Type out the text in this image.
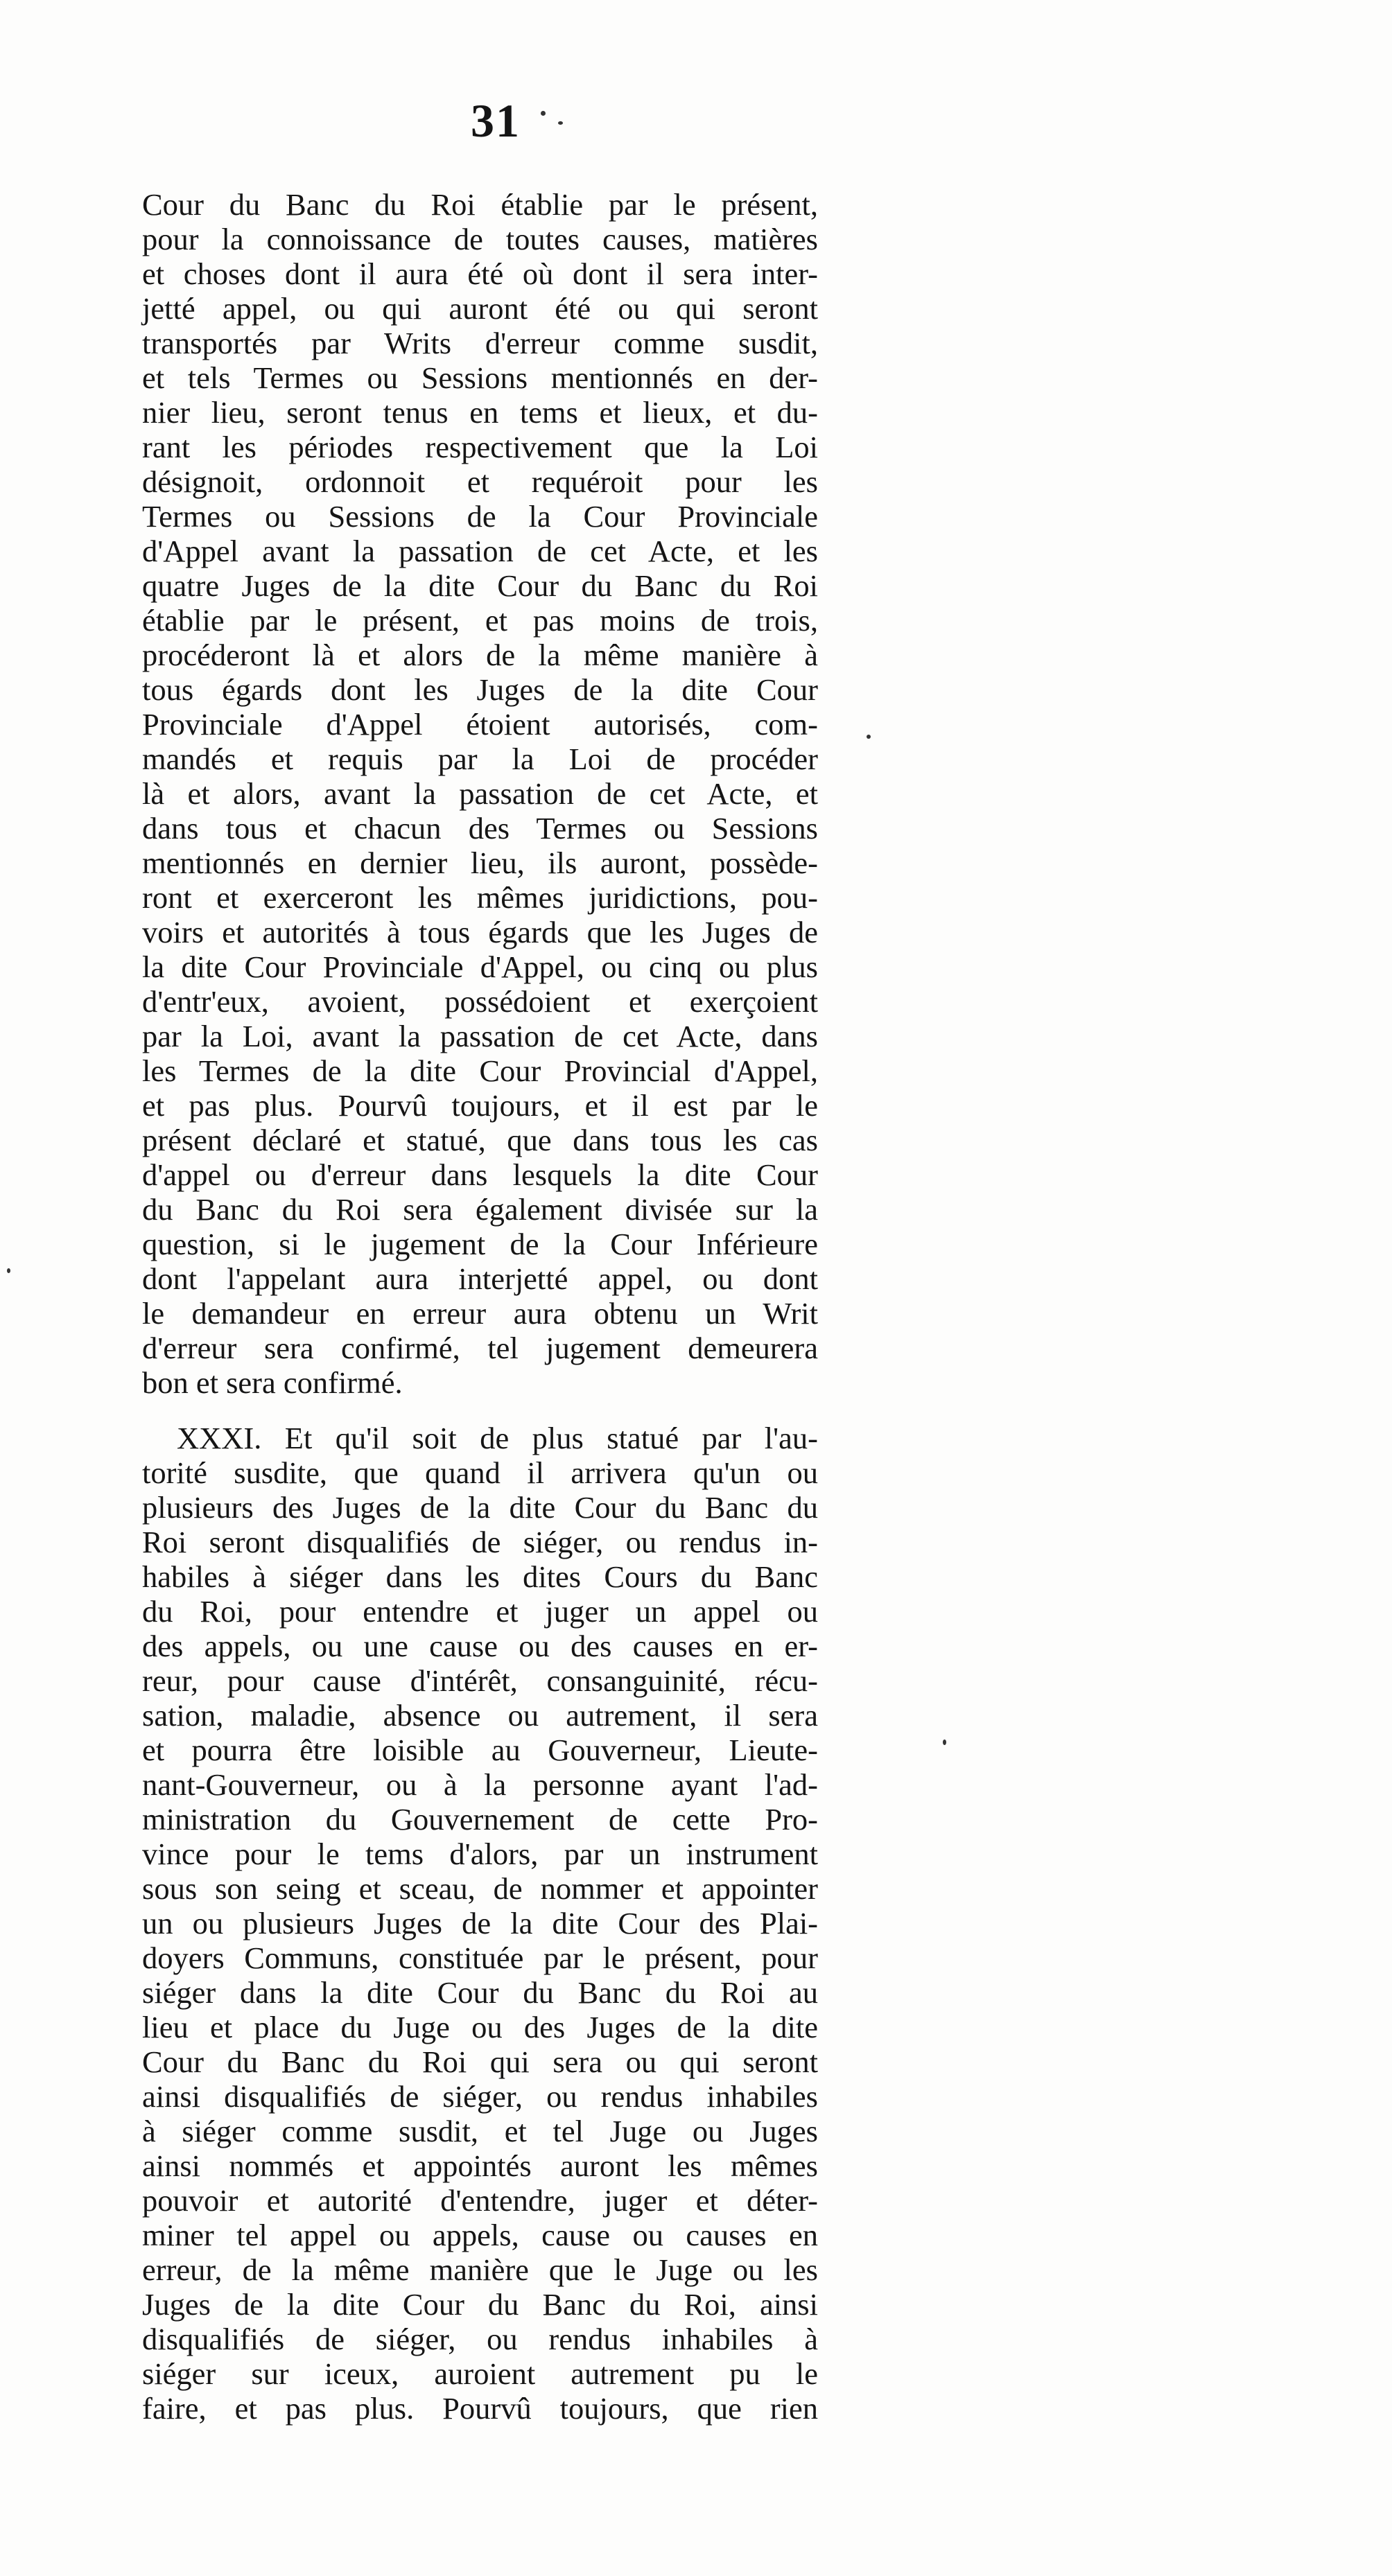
31
Cour du Banc du Roi établie par le présent,
pour la connoissance de toutes causes, matières
et choses dont il aura été où dont il sera inter-
jetté appel, ou qui auront été ou qui seront
transportés par Writs d'erreur comme susdit,
et tels Termes ou Sessions mentionnés en der-
nier lieu, seront tenus en tems et lieux, et du-
rant les périodes respectivement que la Loi
désignoit, ordonnoit et requéroit pour les
Termes ou Sessions de la Cour Provinciale
d'Appel avant la passation de cet Acte, et les
quatre Juges de la dite Cour du Banc du Roi
établie par le présent, et pas moins de trois,
procéderont là et alors de la même manière à
tous égards dont les Juges de la dite Cour
Provinciale d'Appel étoient autorisés, com-
mandés et requis par la Loi de procéder
là et alors, avant la passation de cet Acte, et
dans tous et chacun des Termes ou Sessions
mentionnés en dernier lieu, ils auront, possède-
ront et exerceront les mêmes juridictions, pou-
voirs et autorités à tous égards que les Juges de
la dite Cour Provinciale d'Appel, ou cinq ou plus
d'entr'eux, avoient, possédoient et exerçoient
par la Loi, avant la passation de cet Acte, dans
les Termes de la dite Cour Provincial d'Appel,
et pas plus. Pourvû toujours, et il est par le
présent déclaré et statué, que dans tous les cas
d'appel ou d'erreur dans lesquels la dite Cour
du Banc du Roi sera également divisée sur la
question, si le jugement de la Cour Inférieure
dont l'appelant aura interjetté appel, ou dont
le demandeur en erreur aura obtenu un Writ
d'erreur sera confirmé, tel jugement demeurera
bon et sera confirmé.
XXXI. Et qu'il soit de plus statué par l'au-
torité susdite, que quand il arrivera qu'un ou
plusieurs des Juges de la dite Cour du Banc du
Roi seront disqualifiés de siéger, ou rendus in-
habiles à siéger dans les dites Cours du Banc
du Roi, pour entendre et juger un appel ou
des appels, ou une cause ou des causes en er-
reur, pour cause d'intérêt, consanguinité, récu-
sation, maladie, absence ou autrement, il sera
et pourra être loisible au Gouverneur, Lieute-
nant-Gouverneur, ou à la personne ayant l'ad-
ministration du Gouvernement de cette Pro-
vince pour le tems d'alors, par un instrument
sous son seing et sceau, de nommer et appointer
un ou plusieurs Juges de la dite Cour des Plai-
doyers Communs, constituée par le présent, pour
siéger dans la dite Cour du Banc du Roi au
lieu et place du Juge ou des Juges de la dite
Cour du Banc du Roi qui sera ou qui seront
ainsi disqualifiés de siéger, ou rendus inhabiles
à siéger comme susdit, et tel Juge ou Juges
ainsi nommés et appointés auront les mêmes
pouvoir et autorité d'entendre, juger et déter-
miner tel appel ou appels, cause ou causes en
erreur, de la même manière que le Juge ou les
Juges de la dite Cour du Banc du Roi, ainsi
disqualifiés de siéger, ou rendus inhabiles à
siéger sur iceux, auroient autrement pu le
faire, et pas plus. Pourvû toujours, que rien
